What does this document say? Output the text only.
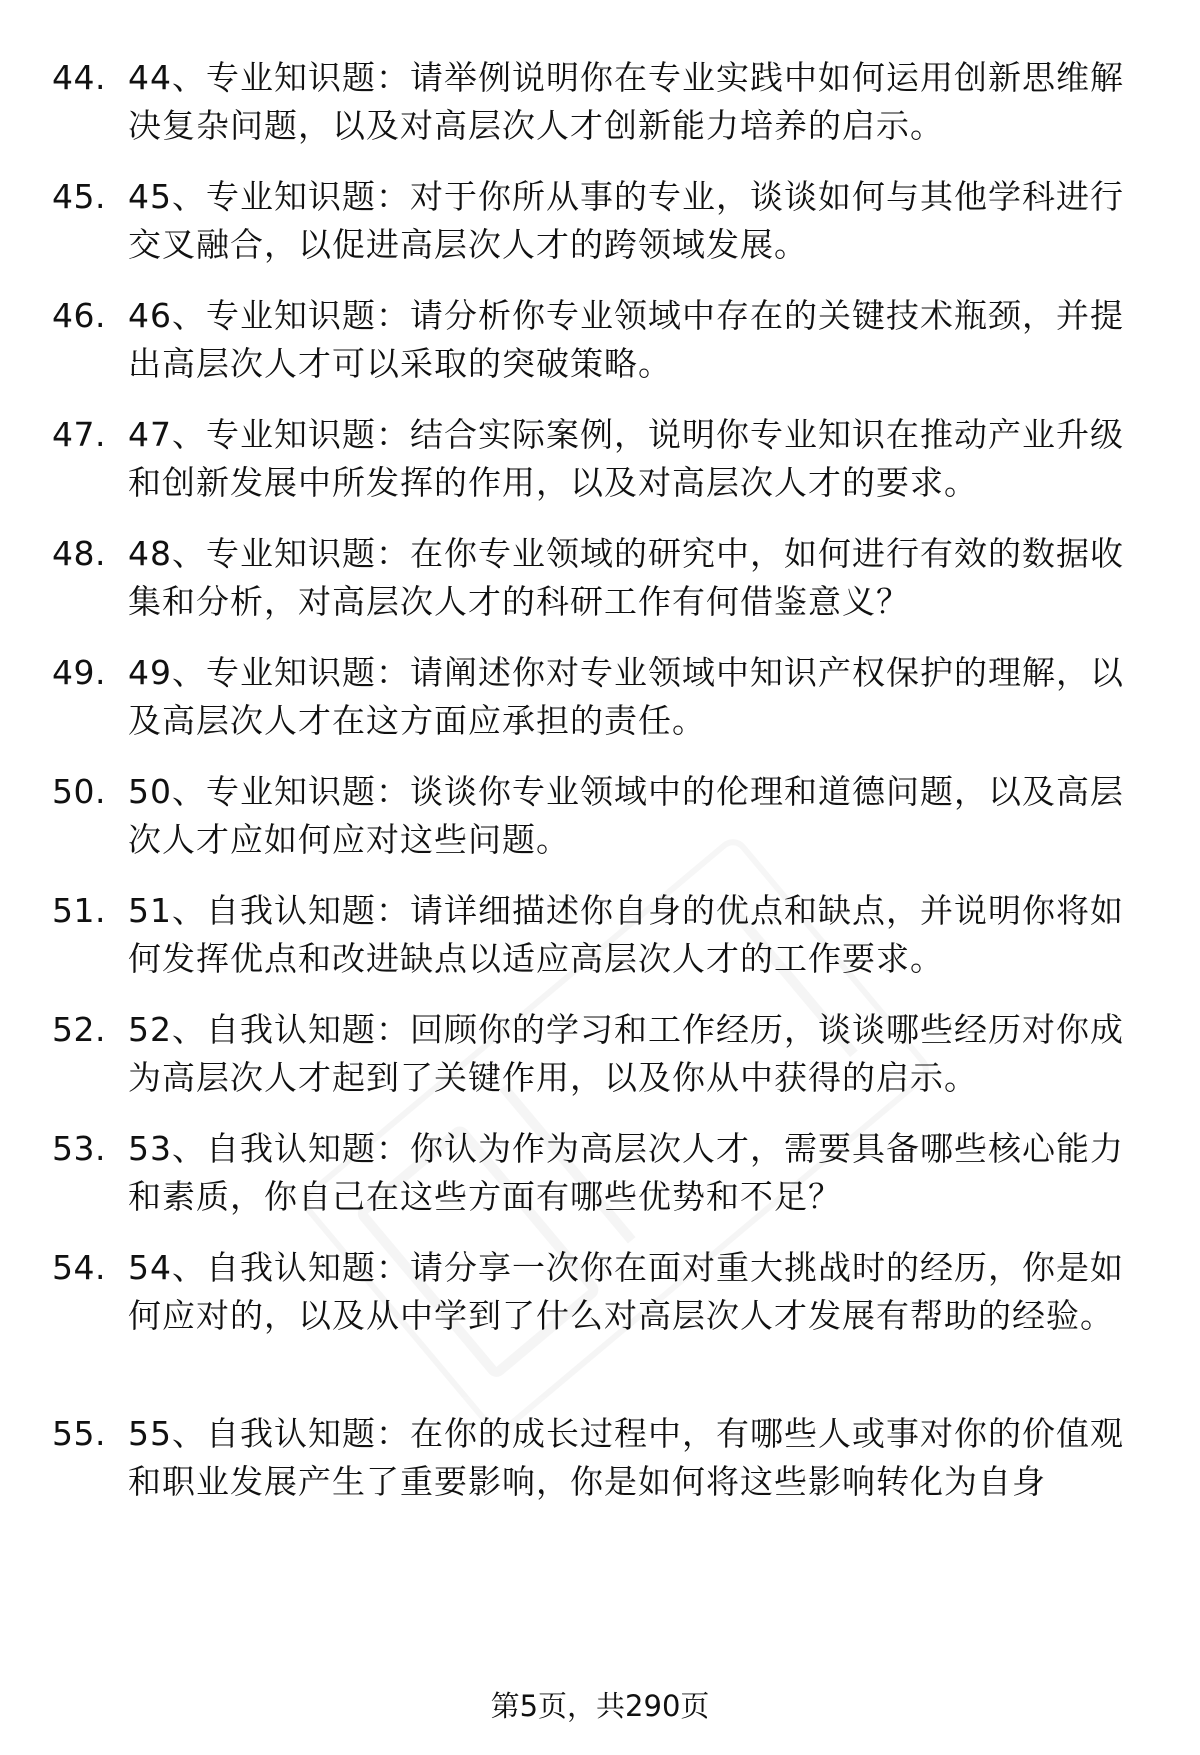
44. 44、专业知识题：请举例说明你在专业实践中如何运用创新思维解决复杂问题，以及对高层次人才创新能力培养的启示。
45. 45、专业知识题：对于你所从事的专业，谈谈如何与其他学科进行交叉融合，以促进高层次人才的跨领域发展。
46. 46、专业知识题：请分析你专业领域中存在的关键技术瓶颈，并提出高层次人才可以采取的突破策略。
47. 47、专业知识题：结合实际案例，说明你专业知识在推动产业升级和创新发展中所发挥的作用，以及对高层次人才的要求。
48. 48、专业知识题：在你专业领域的研究中，如何进行有效的数据收集和分析，对高层次人才的科研工作有何借鉴意义？
49. 49、专业知识题：请阐述你对专业领域中知识产权保护的理解，以及高层次人才在这方面应承担的责任。
50. 50、专业知识题：谈谈你专业领域中的伦理和道德问题，以及高层次人才应如何应对这些问题。
51. 51、自我认知题：请详细描述你自身的优点和缺点，并说明你将如何发挥优点和改进缺点以适应高层次人才的工作要求。
52. 52、自我认知题：回顾你的学习和工作经历，谈谈哪些经历对你成为高层次人才起到了关键作用，以及你从中获得的启示。
53. 53、自我认知题：你认为作为高层次人才，需要具备哪些核心能力和素质，你自己在这些方面有哪些优势和不足？
54. 54、自我认知题：请分享一次你在面对重大挑战时的经历，你是如何应对的，以及从中学到了什么对高层次人才发展有帮助的经验。
55. 55、自我认知题：在你的成长过程中，有哪些人或事对你的价值观和职业发展产生了重要影响，你是如何将这些影响转化为自身
第5页，共290页
